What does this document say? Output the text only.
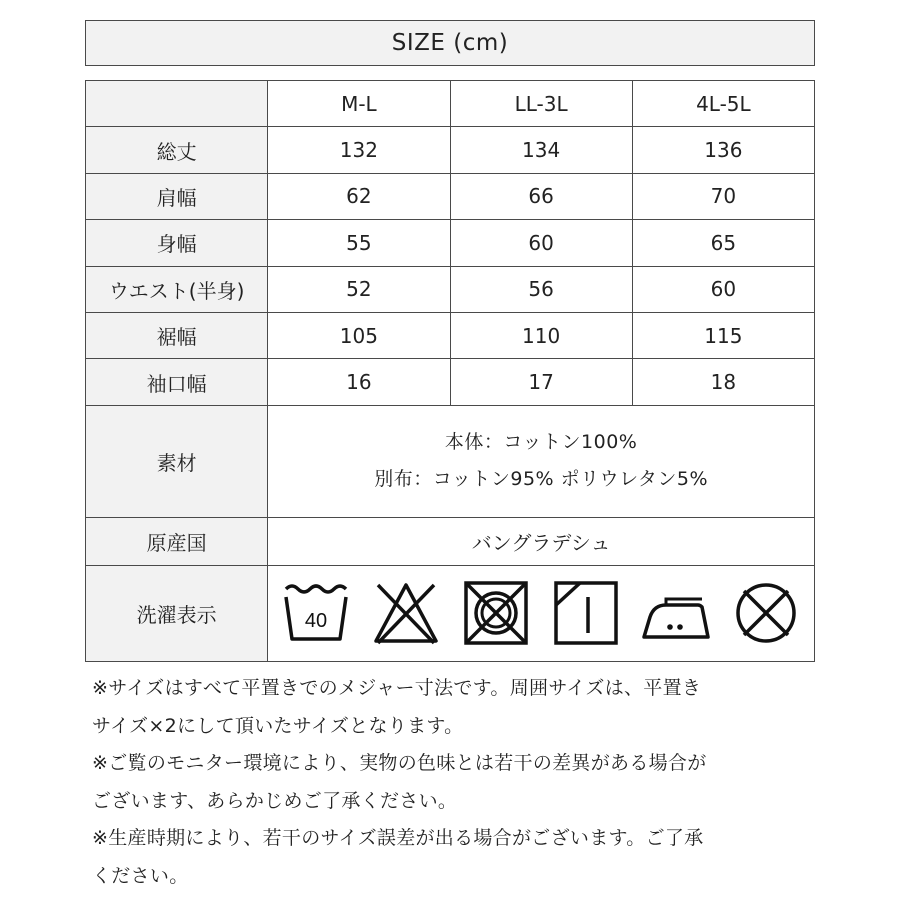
SIZE (cm)
	M-L	LL-3L	4L-5L
総丈	132	134	136
肩幅	62	66	70
身幅	55	60	65
ウエスト(半身)	52	56	60
裾幅	105	110	115
袖口幅	16	17	18
素材	本体：コットン100%
別布：コットン95% ポリウレタン5%		

原産国	バングラデシュ		
洗濯表示	40		

※サイズはすべて平置きでのメジャー寸法です。周囲サイズは、平置き

サイズ×2にして頂いたサイズとなります。

※ご覧のモニター環境により、実物の色味とは若干の差異がある場合が

ございます、あらかじめご了承ください。

※生産時期により、若干のサイズ誤差が出る場合がございます。ご了承

ください。
